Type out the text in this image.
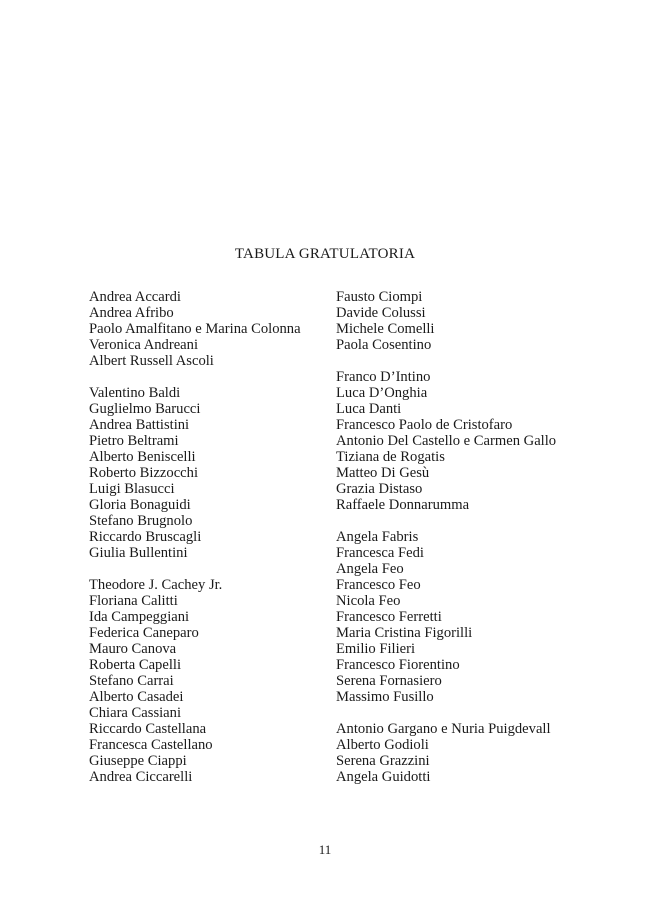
TABULA GRATULATORIA
Andrea Accardi
Andrea Afribo
Paolo Amalfitano e Marina Colonna
Veronica Andreani
Albert Russell Ascoli
Valentino Baldi
Guglielmo Barucci
Andrea Battistini
Pietro Beltrami
Alberto Beniscelli
Roberto Bizzocchi
Luigi Blasucci
Gloria Bonaguidi
Stefano Brugnolo
Riccardo Bruscagli
Giulia Bullentini
Theodore J. Cachey Jr.
Floriana Calitti
Ida Campeggiani
Federica Caneparo
Mauro Canova
Roberta Capelli
Stefano Carrai
Alberto Casadei
Chiara Cassiani
Riccardo Castellana
Francesca Castellano
Giuseppe Ciappi
Andrea Ciccarelli
Fausto Ciompi
Davide Colussi
Michele Comelli
Paola Cosentino
Franco D’Intino
Luca D’Onghia
Luca Danti
Francesco Paolo de Cristofaro
Antonio Del Castello e Carmen Gallo
Tiziana de Rogatis
Matteo Di Gesù
Grazia Distaso
Raffaele Donnarumma
Angela Fabris
Francesca Fedi
Angela Feo
Francesco Feo
Nicola Feo
Francesco Ferretti
Maria Cristina Figorilli
Emilio Filieri
Francesco Fiorentino
Serena Fornasiero
Massimo Fusillo
Antonio Gargano e Nuria Puigdevall
Alberto Godioli
Serena Grazzini
Angela Guidotti
11
